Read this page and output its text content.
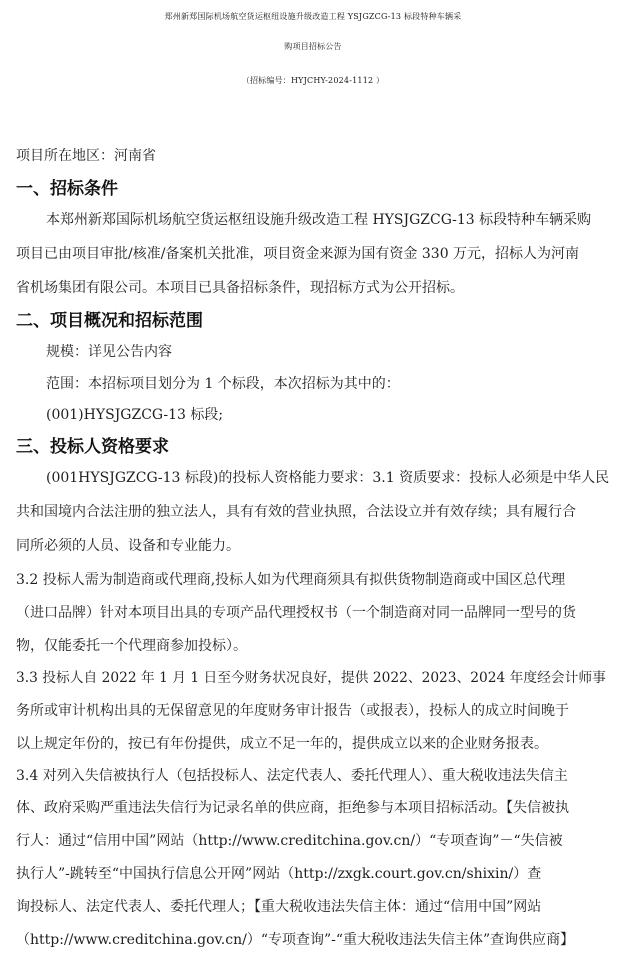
郑州新郑国际机场航空货运枢纽设施升级改造工程 YSJGZCG-13 标段特种车辆采
购项目招标公告
（招标编号：HYJCHY-2024-1112 ）
项目所在地区：河南省
一、招标条件
本郑州新郑国际机场航空货运枢纽设施升级改造工程 HYSJGZCG-13 标段特种车辆采购
项目已由项目审批/核准/备案机关批准，项目资金来源为国有资金 330 万元，招标人为河南
省机场集团有限公司。本项目已具备招标条件，现招标方式为公开招标。
二、项目概况和招标范围
规模：详见公告内容
范围：本招标项目划分为 1 个标段，本次招标为其中的：
(001)HYSJGZCG-13 标段;
三、投标人资格要求
(001HYSJGZCG-13 标段)的投标人资格能力要求：3.1 资质要求：投标人必须是中华人民
共和国境内合法注册的独立法人，具有有效的营业执照，合法设立并有效存续；具有履行合
同所必须的人员、设备和专业能力。
3.2 投标人需为制造商或代理商,投标人如为代理商须具有拟供货物制造商或中国区总代理
（进口品牌）针对本项目出具的专项产品代理授权书（一个制造商对同一品牌同一型号的货
物，仅能委托一个代理商参加投标）。
3.3 投标人自 2022 年 1 月 1 日至今财务状况良好，提供 2022、2023、2024 年度经会计师事
务所或审计机构出具的无保留意见的年度财务审计报告（或报表），投标人的成立时间晚于
以上规定年份的，按已有年份提供，成立不足一年的，提供成立以来的企业财务报表。
3.4 对列入失信被执行人（包括投标人、法定代表人、委托代理人）、重大税收违法失信主
体、政府采购严重违法失信行为记录名单的供应商，拒绝参与本项目招标活动。【失信被执
行人：通过“信用中国”网站（http://www.creditchina.gov.cn/）“专项查询”－“失信被
执行人”-跳转至“中国执行信息公开网”网站（http://zxgk.court.gov.cn/shixin/）查
询投标人、法定代表人、委托代理人；【重大税收违法失信主体：通过“信用中国”网站
（http://www.creditchina.gov.cn/）“专项查询”-“重大税收违法失信主体”查询供应商】
